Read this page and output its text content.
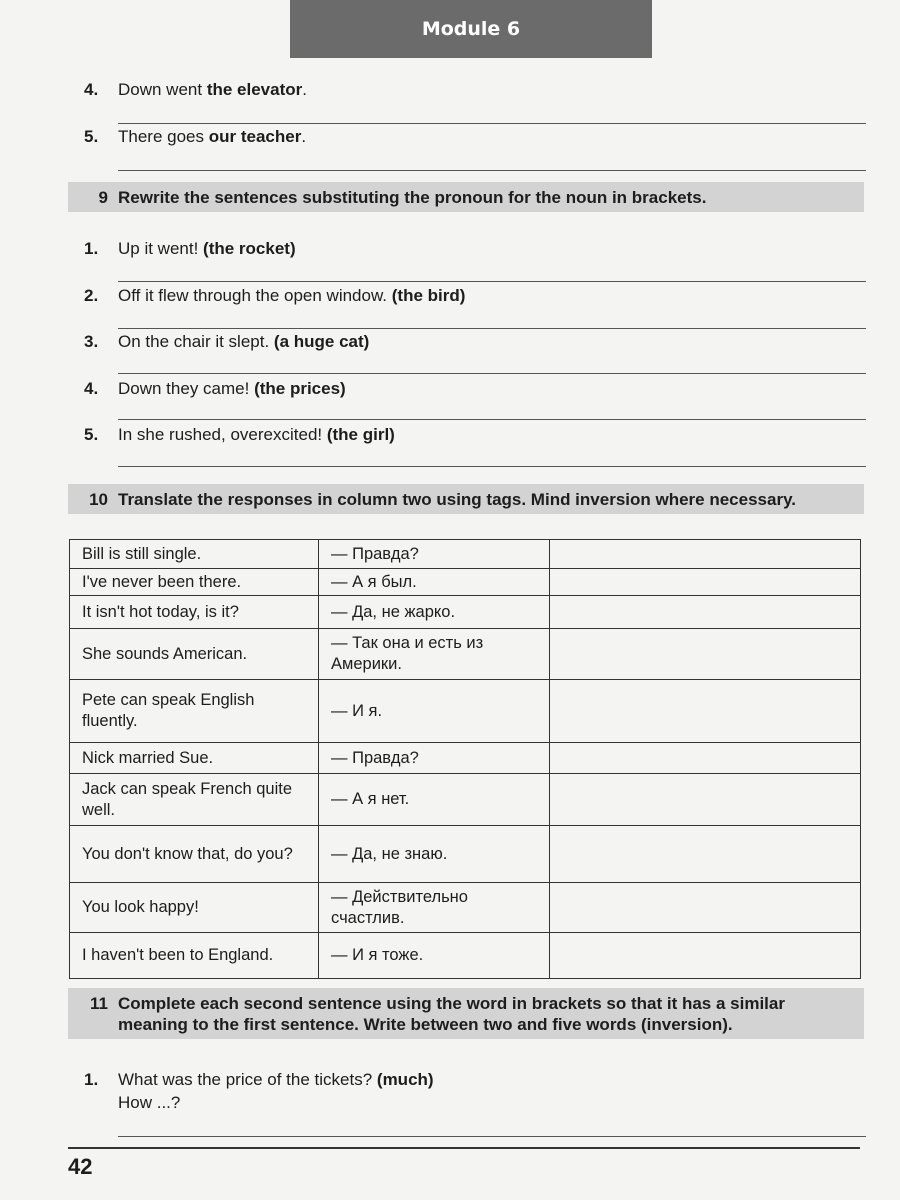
Module 6
4. Down went the elevator.
5. There goes our teacher.
9 Rewrite the sentences substituting the pronoun for the noun in brackets.
1. Up it went! (the rocket)
2. Off it flew through the open window. (the bird)
3. On the chair it slept. (a huge cat)
4. Down they came! (the prices)
5. In she rushed, overexcited! (the girl)
10 Translate the responses in column two using tags. Mind inversion where necessary.
Bill is still single.	— Правда?	
I've never been there.	— А я был.	
It isn't hot today, is it?	— Да, не жарко.	
She sounds American.	— Так она и есть из Америки.	
Pete can speak English fluently.	— И я.	
Nick married Sue.	— Правда?	
Jack can speak French quite well.	— А я нет.	
You don't know that, do you?	— Да, не знаю.	
You look happy!	— Действительно счастлив.	
I haven't been to England.	— И я тоже.	
11 Complete each second sentence using the word in brackets so that it has a similar meaning to the first sentence. Write between two and five words (inversion).
1. What was the price of the tickets? (much)
How ...?
42
